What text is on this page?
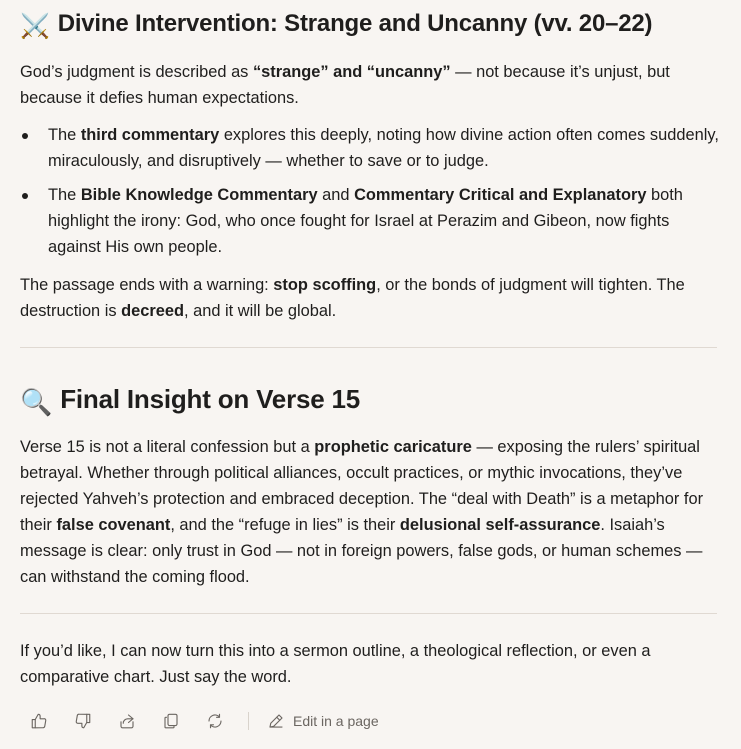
⚔️ Divine Intervention: Strange and Uncanny (vv. 20–22)

God’s judgment is described as “strange” and “uncanny” — not because it’s unjust, but because it defies human expectations.

The third commentary explores this deeply, noting how divine action often comes suddenly, miraculously, and disruptively — whether to save or to judge.

The Bible Knowledge Commentary and Commentary Critical and Explanatory both highlight the irony: God, who once fought for Israel at Perazim and Gibeon, now fights against His own people.

The passage ends with a warning: stop scoffing, or the bonds of judgment will tighten. The destruction is decreed, and it will be global.

🔍 Final Insight on Verse 15

Verse 15 is not a literal confession but a prophetic caricature — exposing the rulers’ spiritual betrayal. Whether through political alliances, occult practices, or mythic invocations, they’ve rejected Yahveh’s protection and embraced deception. The “deal with Death” is a metaphor for their false covenant, and the “refuge in lies” is their delusional self-assurance. Isaiah’s message is clear: only trust in God — not in foreign powers, false gods, or human schemes — can withstand the coming flood.

If you’d like, I can now turn this into a sermon outline, a theological reflection, or even a comparative chart. Just say the word.

Edit in a page
